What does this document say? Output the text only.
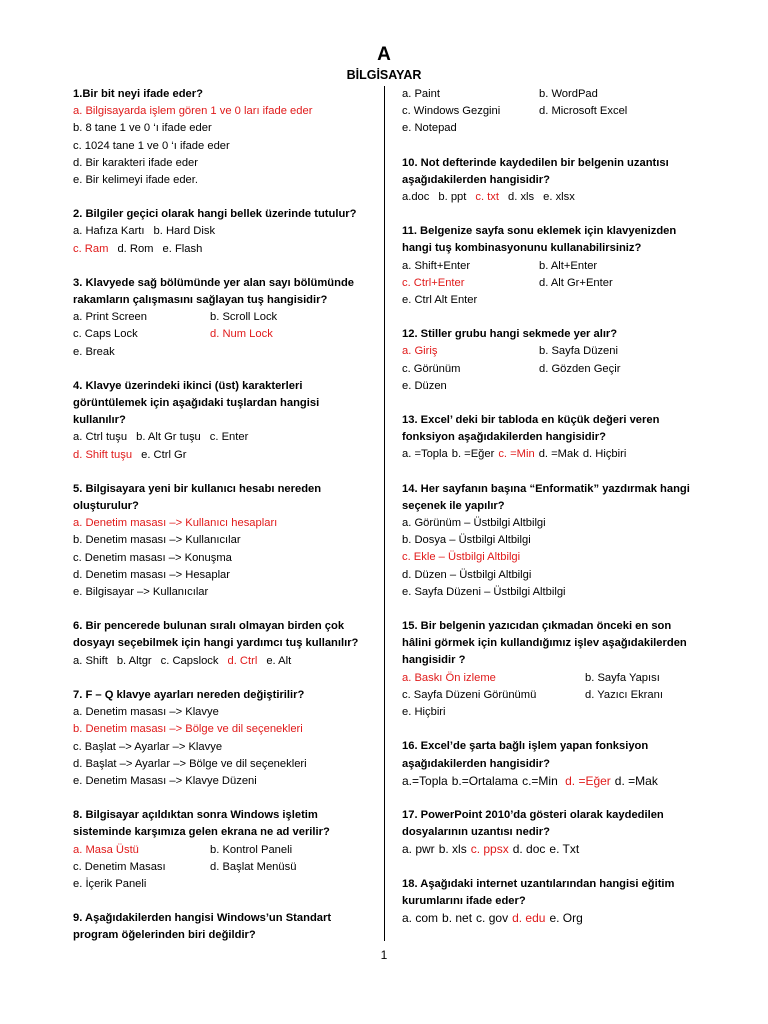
A
BİLGİSAYAR
1.Bir bit neyi ifade eder?
a. Bilgisayarda işlem gören 1 ve 0 ları ifade eder
b. 8 tane 1 ve 0 ‘ı ifade eder
c. 1024 tane 1 ve 0 ‘ı ifade eder
d. Bir karakteri ifade eder
e. Bir kelimeyi ifade eder.
2. Bilgiler geçici olarak hangi bellek üzerinde tutulur?
a. Hafıza Kartı b. Hard Disk
c. Ram d. Rom e. Flash
3. Klavyede sağ bölümünde yer alan sayı bölümünde rakamların çalışmasını sağlayan tuş hangisidir?
a. Print Screen	b. Scroll Lock
c. Caps Lock	d. Num Lock
e. Break
4. Klavye üzerindeki ikinci (üst) karakterleri görüntülemek için aşağıdaki tuşlardan hangisi kullanılır?
a. Ctrl tuşu b. Alt Gr tuşu c. Enter
d. Shift tuşu e. Ctrl Gr
5. Bilgisayara yeni bir kullanıcı hesabı nereden oluşturulur?
a. Denetim masası –> Kullanıcı hesapları
b. Denetim masası –> Kullanıcılar
c. Denetim masası –> Konuşma
d. Denetim masası –> Hesaplar
e. Bilgisayar –> Kullanıcılar
6. Bir pencerede bulunan sıralı olmayan birden çok dosyayı seçebilmek için hangi yardımcı tuş kullanılır?
a. Shift b. Altgr c. Capslock d. Ctrl e. Alt
7. F – Q klavye ayarları nereden değiştirilir?
a. Denetim masası –> Klavye
b. Denetim masası –> Bölge ve dil seçenekleri
c. Başlat –> Ayarlar –> Klavye
d. Başlat –> Ayarlar –> Bölge ve dil seçenekleri
e. Denetim Masası –> Klavye Düzeni
8. Bilgisayar açıldıktan sonra Windows işletim sisteminde karşımıza gelen ekrana ne ad verilir?
a. Masa Üstü	b. Kontrol Paneli
c. Denetim Masası	d. Başlat Menüsü
e. İçerik Paneli
9. Aşağıdakilerden hangisi Windows’un Standart program öğelerinden biri değildir?
a. Paint	b. WordPad
c. Windows Gezgini	d. Microsoft Excel
e. Notepad
10. Not defterinde kaydedilen bir belgenin uzantısı aşağıdakilerden hangisidir?
a.doc b. ppt c. txt d. xls e. xlsx
11. Belgenize sayfa sonu eklemek için klavyenizden hangi tuş kombinasyonunu kullanabilirsiniz?
a. Shift+Enter	b. Alt+Enter
c. Ctrl+Enter	d. Alt Gr+Enter
e. Ctrl Alt Enter
12. Stiller grubu hangi sekmede yer alır?
a. Giriş	b. Sayfa Düzeni
c. Görünüm	d. Gözden Geçir
e. Düzen
13. Excel’ deki bir tabloda en küçük değeri veren fonksiyon aşağıdakilerden hangisidir?
a. =Topla b. =Eğer c. =Min d. =Mak d. Hiçbiri
14. Her sayfanın başına “Enformatik” yazdırmak hangi seçenek ile yapılır?
a. Görünüm – Üstbilgi Altbilgi
b. Dosya – Üstbilgi Altbilgi
c. Ekle – Üstbilgi Altbilgi
d. Düzen – Üstbilgi Altbilgi
e. Sayfa Düzeni – Üstbilgi Altbilgi
15. Bir belgenin yazıcıdan çıkmadan önceki en son hâlini görmek için kullandığımız işlev aşağıdakilerden hangisidir ?
a. Baskı Ön izleme	b. Sayfa Yapısı
c. Sayfa Düzeni Görünümü	d. Yazıcı Ekranı
e. Hiçbiri
16. Excel’de şarta bağlı işlem yapan fonksiyon aşağıdakilerden hangisidir?
a.=Topla b.=Ortalama c.=Min d. =Eğer d. =Mak
17. PowerPoint 2010’da gösteri olarak kaydedilen dosyalarının uzantısı nedir?
a. pwr b. xls c. ppsx d. doc e. Txt
18. Aşağıdaki internet uzantılarından hangisi eğitim kurumlarını ifade eder?
a. com b. net c. gov d. edu e. Org
1
